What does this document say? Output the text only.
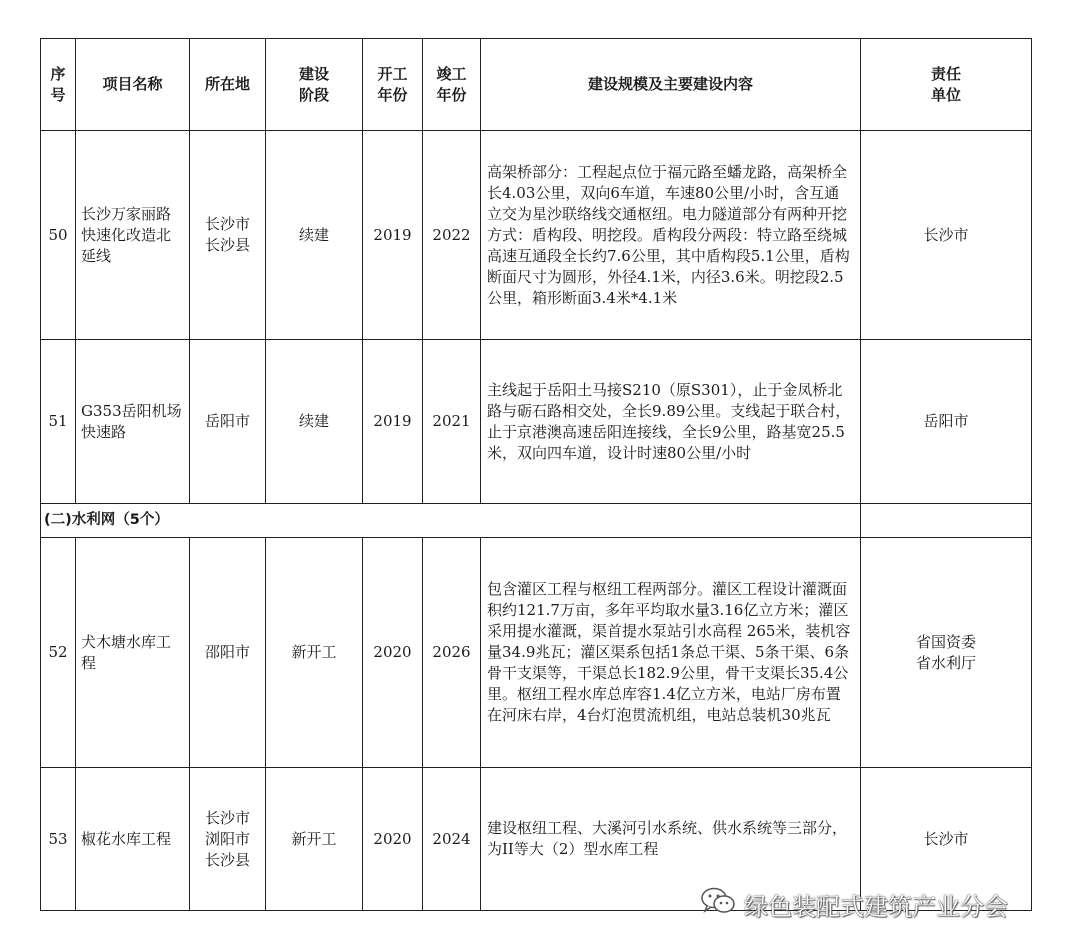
序
号	项目名称	所在地	建设
阶段	开工
年份	竣工
年份	建设规模及主要建设内容	责任
单位
50	长沙万家丽路快速化改造北延线	长沙市
长沙县	续建	2019	2022	高架桥部分：工程起点位于福元路至蟠龙路，高架桥全长4.03公里，双向6车道，车速80公里/小时，含互通立交为星沙联络线交通枢纽。电力隧道部分有两种开挖方式：盾构段、明挖段。盾构段分两段：特立路至绕城高速互通段全长约7.6公里，其中盾构段5.1公里，盾构断面尺寸为圆形，外径4.1米，内径3.6米。明挖段2.5公里，箱形断面3.4米*4.1米	长沙市
51	G353岳阳机场快速路	岳阳市	续建	2019	2021	主线起于岳阳土马接S210（原S301），止于金凤桥北路与砺石路相交处，全长9.89公里。支线起于联合村，止于京港澳高速岳阳连接线，全长9公里，路基宽25.5米，双向四车道，设计时速80公里/小时	岳阳市
(二)水利网（5个）							
52	犬木塘水库工程	邵阳市	新开工	2020	2026	包含灌区工程与枢纽工程两部分。灌区工程设计灌溉面积约121.7万亩，多年平均取水量3.16亿立方米；灌区采用提水灌溉，渠首提水泵站引水高程 265米，装机容量34.9兆瓦；灌区渠系包括1条总干渠、5条干渠、6条骨干支渠等，干渠总长182.9公里，骨干支渠长35.4公里。枢纽工程水库总库容1.4亿立方米，电站厂房布置在河床右岸，4台灯泡贯流机组，电站总装机30兆瓦	省国资委
省水利厅
53	椒花水库工程	长沙市
浏阳市
长沙县	新开工	2020	2024	建设枢纽工程、大溪河引水系统、供水系统等三部分，为II等大（2）型水库工程	长沙市
绿色装配式建筑产业分会
